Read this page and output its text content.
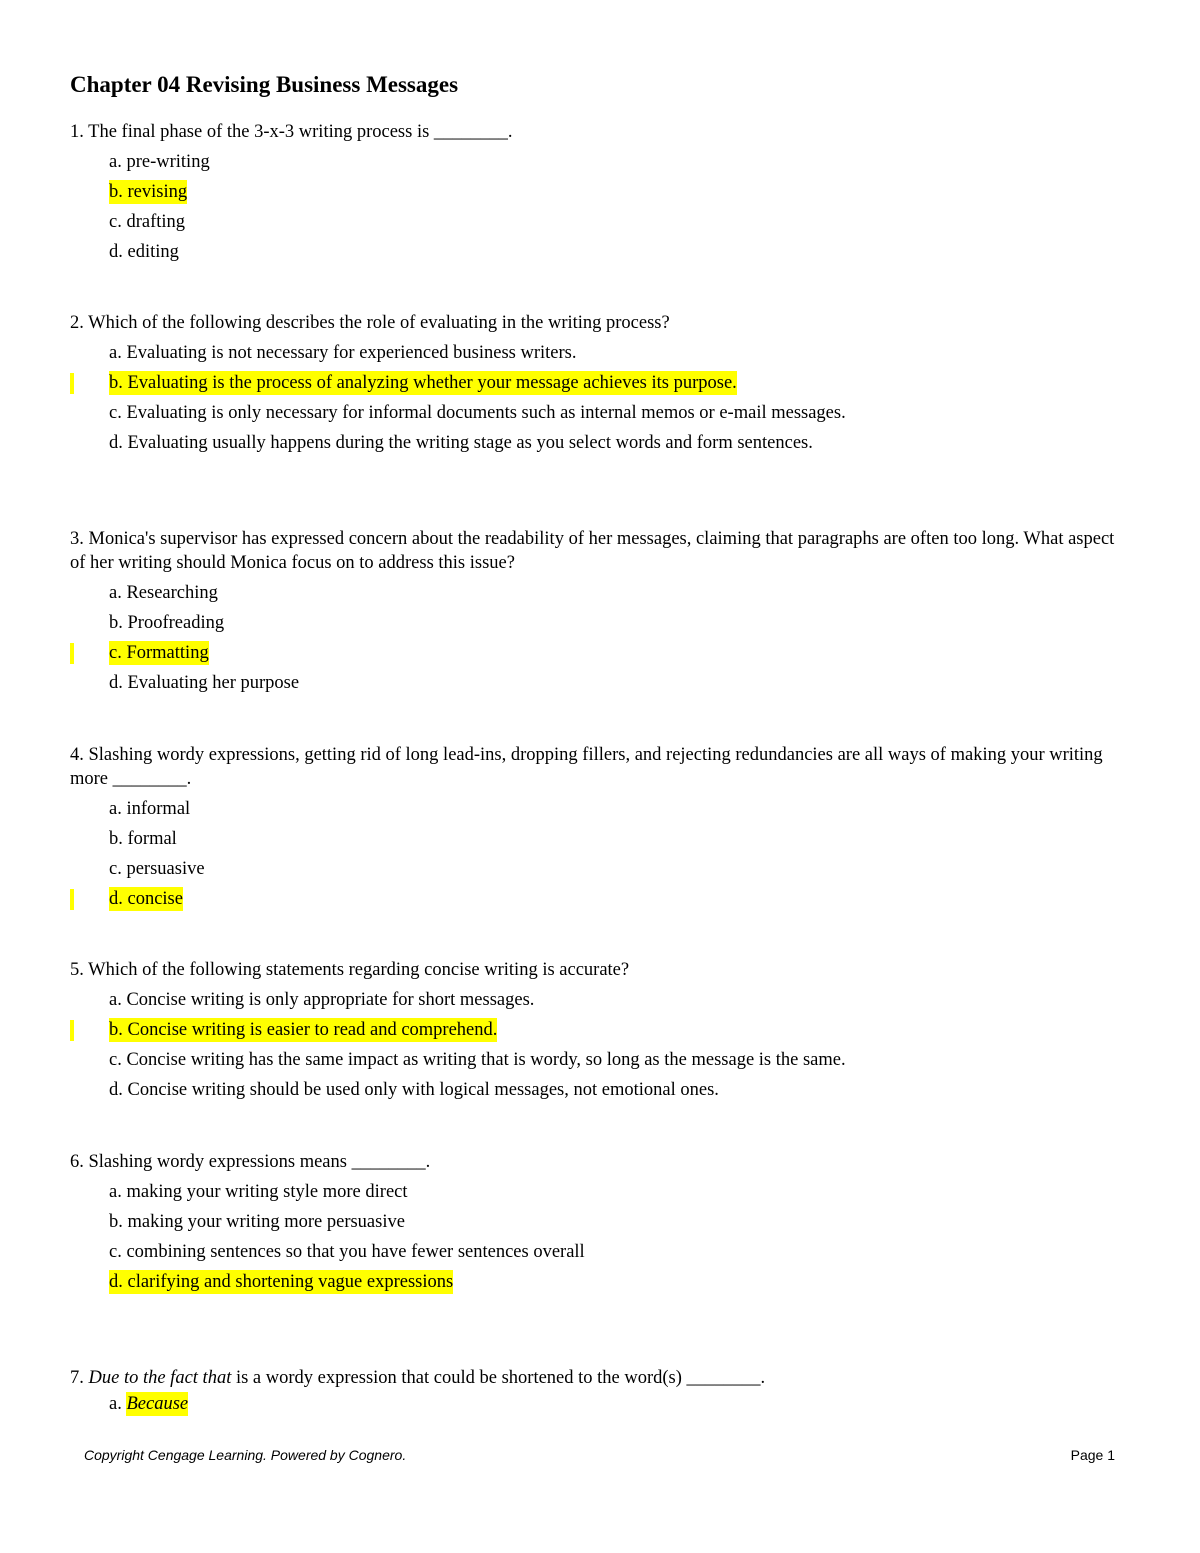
Chapter 04 Revising Business Messages
1. The final phase of the 3-x-3 writing process is ________.
a.
pre-writing
b. revising
c.
drafting
d.
editing
2. Which of the following describes the role of evaluating in the writing process?
a.
Evaluating is not necessary for experienced business writers.
b. Evaluating is the process of analyzing whether your message achieves its purpose.
c.
Evaluating is only necessary for informal documents such as internal memos or e-mail messages.
d.
Evaluating usually happens during the writing stage as you select words and form sentences.
3. Monica's supervisor has expressed concern about the readability of her messages, claiming that paragraphs are often too long. What aspect of her writing should Monica focus on to address this issue?
a.
Researching
b.
Proofreading
c. Formatting
d.
Evaluating her purpose
4. Slashing wordy expressions, getting rid of long lead-ins, dropping fillers, and rejecting redundancies are all ways of making your writing more ________.
a.
informal
b.
formal
c.
persuasive
d. concise
5. Which of the following statements regarding concise writing is accurate?
a.
Concise writing is only appropriate for short messages.
b. Concise writing is easier to read and comprehend.
c.
Concise writing has the same impact as writing that is wordy, so long as the message is the same.
d.
Concise writing should be used only with logical messages, not emotional ones.
6. Slashing wordy expressions means ________.
a.
making your writing style more direct
b.
making your writing more persuasive
c.
combining sentences so that you have fewer sentences overall
d. clarifying and shortening vague expressions
7. Due to the fact that is a wordy expression that could be shortened to the word(s) ________.
a.
Because
Copyright Cengage Learning. Powered by Cognero.	Page 1
